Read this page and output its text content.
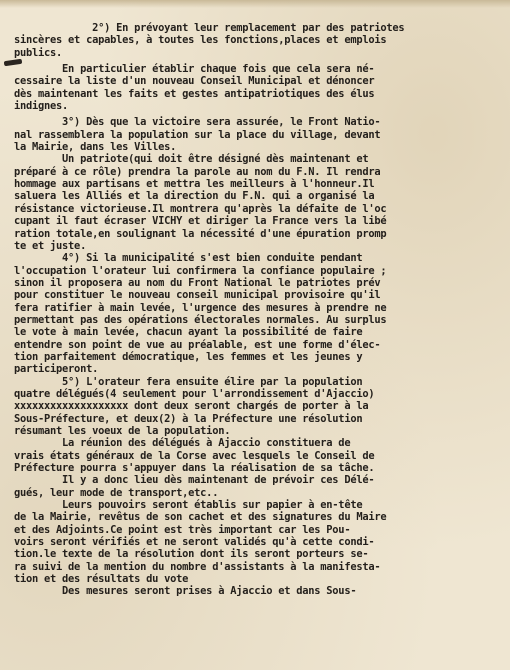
2°) En prévoyant leur remplacement par des patriotes

sincères et capables, à toutes les fonctions,places et emplois

publics.

En particulier établir chaque fois que cela sera né-

cessaire la liste d'un nouveau Conseil Municipal et dénoncer

dès maintenant les faits et gestes antipatriotiques des élus

indignes.

3°) Dès que la victoire sera assurée, le Front Natio-

nal rassemblera la population sur la place du village, devant

la Mairie, dans les Villes.

Un patriote(qui doit être désigné dès maintenant et

préparé à ce rôle) prendra la parole au nom du F.N. Il rendra

hommage aux partisans et mettra les meilleurs à l'honneur.Il

saluera les Alliés et la direction du F.N. qui a organisé la

résistance victorieuse.Il montrera qu'après la défaite de l'oc

cupant il faut écraser VICHY et diriger la France vers la libé

ration totale,en soulignant la nécessité d'une épuration promp

te et juste.

4°) Si la municipalité s'est bien conduite pendant

l'occupation l'orateur lui confirmera la confiance populaire ;

sinon il proposera au nom du Front National le patriotes prév

pour constituer le nouveau conseil municipal provisoire qu'il

fera ratifier à main levée, l'urgence des mesures à prendre ne

permettant pas des opérations électorales normales. Au surplus

le vote à main levée, chacun ayant la possibilité de faire

entendre son point de vue au préalable, est une forme d'élec-

tion parfaitement démocratique, les femmes et les jeunes y

participeront.

5°) L'orateur fera ensuite élire par la population

quatre délégués(4 seulement pour l'arrondissement d'Ajaccio)

xxxxxxxxxxxxxxxxxxx dont deux seront chargés de porter à la

Sous-Préfecture, et deux(2) à la Préfecture une résolution

résumant les voeux de la population.

La réunion des délégués à Ajaccio constituera de

vrais états généraux de la Corse avec lesquels le Conseil de

Préfecture pourra s'appuyer dans la réalisation de sa tâche.

Il y a donc lieu dès maintenant de prévoir ces Délé-

gués, leur mode de transport,etc..

Leurs pouvoirs seront établis sur papier à en-tête

de la Mairie, revêtus de son cachet et des signatures du Maire

et des Adjoints.Ce point est très important car les Pou-

voirs seront vérifiés et ne seront validés qu'à cette condi-

tion.le texte de la résolution dont ils seront porteurs se-

ra suivi de la mention du nombre d'assistants à la manifesta-

tion et des résultats du vote

Des mesures seront prises à Ajaccio et dans Sous-
